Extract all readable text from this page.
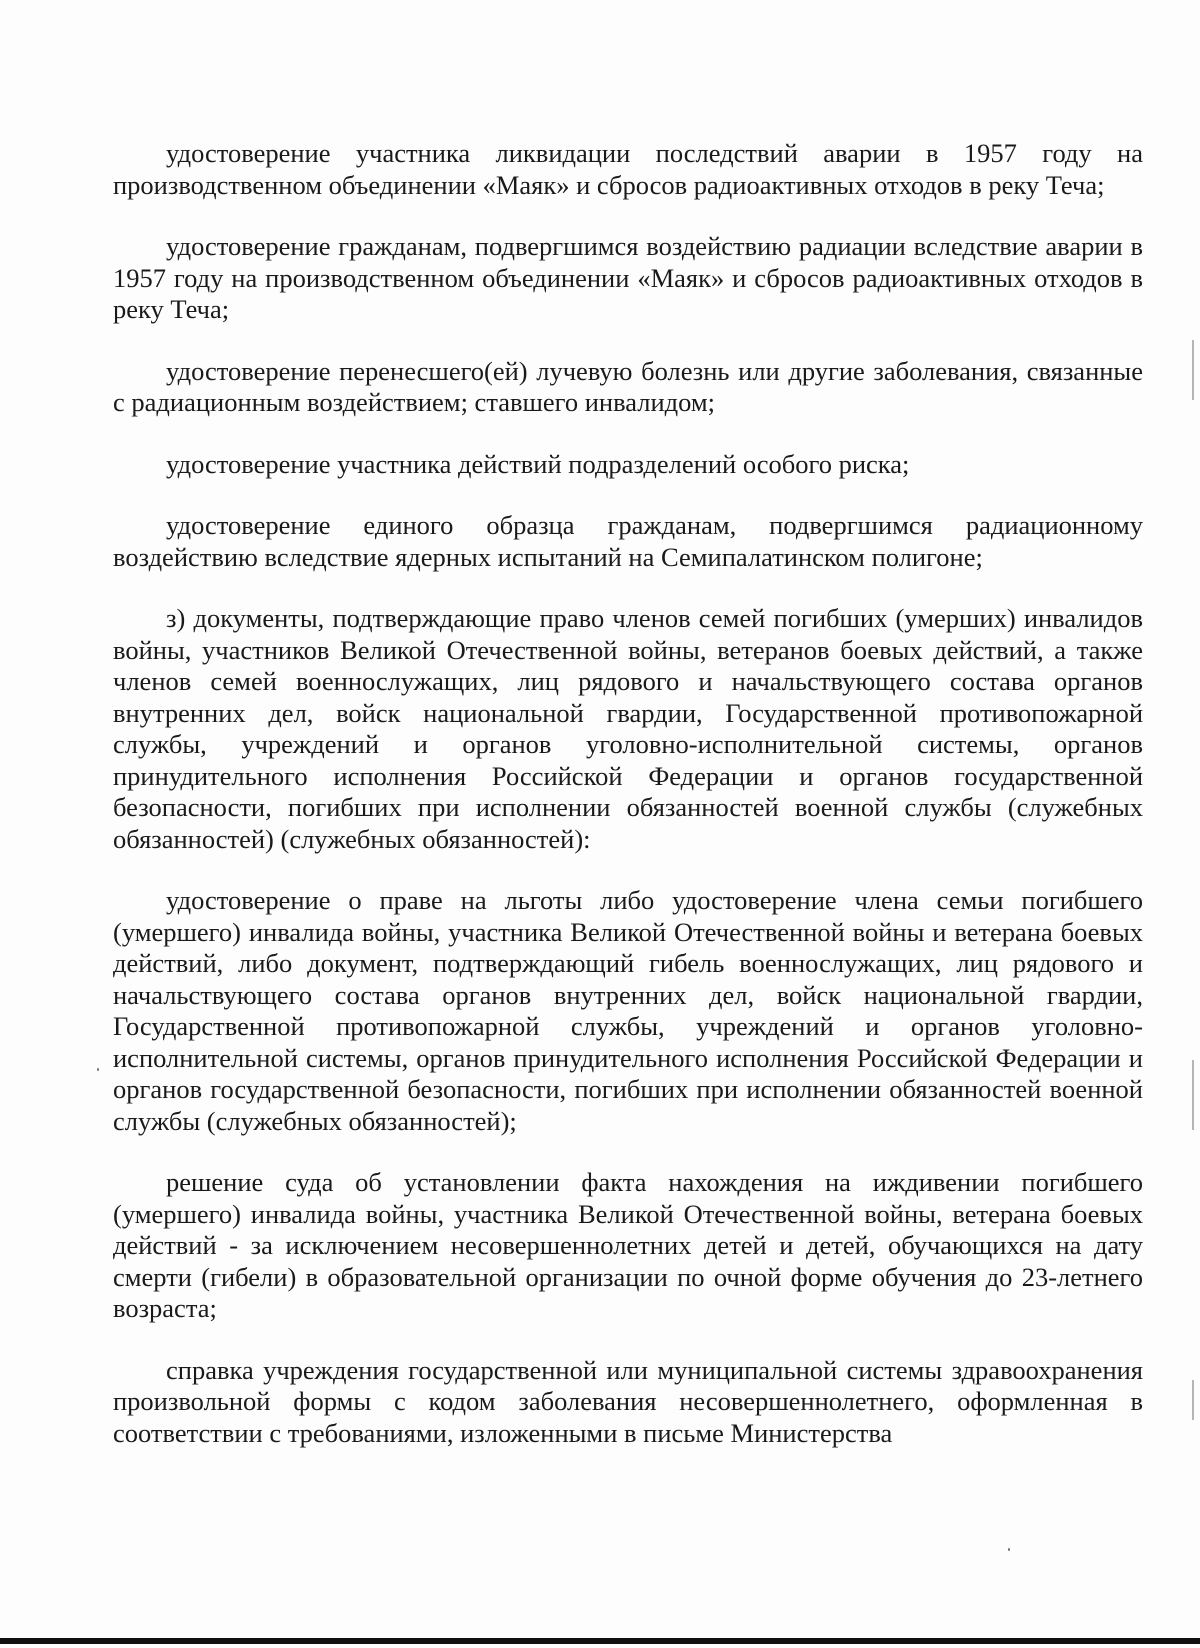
удостоверение участника ликвидации последствий аварии в 1957 году на производственном объединении «Маяк» и сбросов радиоактивных отходов в реку Теча;

удостоверение гражданам, подвергшимся воздействию радиации вследствие аварии в 1957 году на производственном объединении «Маяк» и сбросов радиоактивных отходов в реку Теча;

удостоверение перенесшего(ей) лучевую болезнь или другие заболевания, связанные с радиационным воздействием; ставшего инвалидом;

удостоверение участника действий подразделений особого риска;

удостоверение единого образца гражданам, подвергшимся радиационному воздействию вследствие ядерных испытаний на Семипалатинском полигоне;

з) документы, подтверждающие право членов семей погибших (умерших) инвалидов войны, участников Великой Отечественной войны, ветеранов боевых действий, а также членов семей военнослужащих, лиц рядового и начальствующего состава органов внутренних дел, войск национальной гвардии, Государственной противопожарной службы, учреждений и органов уголовно-исполнительной системы, органов принудительного исполнения Российской Федерации и органов государственной безопасности, погибших при исполнении обязанностей военной службы (служебных обязанностей) (служебных обязанностей):

удостоверение о праве на льготы либо удостоверение члена семьи погибшего (умершего) инвалида войны, участника Великой Отечественной войны и ветерана боевых действий, либо документ, подтверждающий гибель военнослужащих, лиц рядового и начальствующего состава органов внутренних дел, войск национальной гвардии, Государственной противопожарной службы, учреждений и органов уголовно-исполнительной системы, органов принудительного исполнения Российской Федерации и органов государственной безопасности, погибших при исполнении обязанностей военной службы (служебных обязанностей);

решение суда об установлении факта нахождения на иждивении погибшего (умершего) инвалида войны, участника Великой Отечественной войны, ветерана боевых действий - за исключением несовершеннолетних детей и детей, обучающихся на дату смерти (гибели) в образовательной организации по очной форме обучения до 23-летнего возраста;

справка учреждения государственной или муниципальной системы здравоохранения произвольной формы с кодом заболевания несовершеннолетнего, оформленная в соответствии с требованиями, изложенными в письме Министерства
